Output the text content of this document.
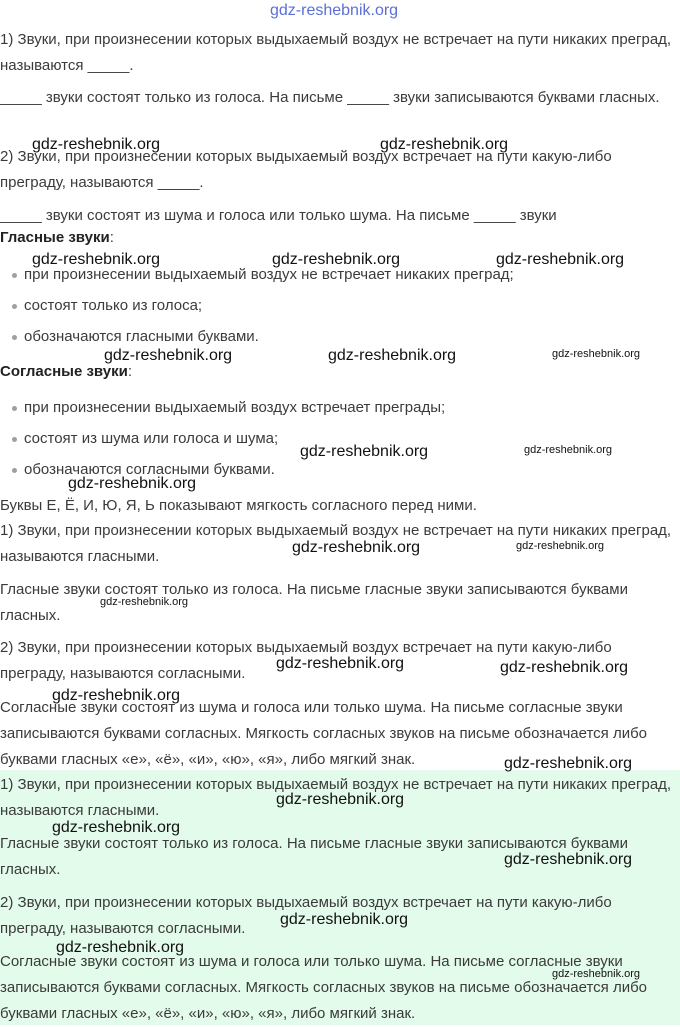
1) Звуки, при произнесении которых выдыхаемый воздух не встречает на пути никаких преград, называются _____.

_____ звуки состоят только из голоса. На письме _____ звуки записываются буквами гласных.

2) Звуки, при произнесении которых выдыхаемый воздух встречает на пути какую-либо преграду, называются _____.

_____ звуки состоят из шума и голоса или только шума. На письме _____ звуки

Гласные звуки:

при произнесении выдыхаемый воздух не встречает никаких преград;
состоят только из голоса;
обозначаются гласными буквами.

Согласные звуки:

при произнесении выдыхаемый воздух встречает преграды;
состоят из шума или голоса и шума;
обозначаются согласными буквами.

Буквы Е, Ё, И, Ю, Я, Ь показывают мягкость согласного перед ними.

1) Звуки, при произнесении которых выдыхаемый воздух не встречает на пути никаких преград, называются гласными.

Гласные звуки состоят только из голоса. На письме гласные звуки записываются буквами гласных.

2) Звуки, при произнесении которых выдыхаемый воздух встречает на пути какую-либо преграду, называются согласными.

Согласные звуки состоят из шума и голоса или только шума. На письме согласные звуки записываются буквами согласных. Мягкость согласных звуков на письме обозначается либо буквами гласных «е», «ё», «и», «ю», «я», либо мягкий знак.

1) Звуки, при произнесении которых выдыхаемый воздух не встречает на пути никаких преград, называются гласными.

Гласные звуки состоят только из голоса. На письме гласные звуки записываются буквами гласных.

2) Звуки, при произнесении которых выдыхаемый воздух встречает на пути какую-либо преграду, называются согласными.

Согласные звуки состоят из шума и голоса или только шума. На письме согласные звуки записываются буквами согласных. Мягкость согласных звуков на письме обозначается либо буквами гласных «е», «ё», «и», «ю», «я», либо мягкий знак.

gdz-reshebnik.org
gdz-reshebnik.org	gdz-reshebnik.org
gdz-reshebnik.org	gdz-reshebnik.org	gdz-reshebnik.org
gdz-reshebnik.org	gdz-reshebnik.org	gdz-reshebnik.org
gdz-reshebnik.org	gdz-reshebnik.org
gdz-reshebnik.org
gdz-reshebnik.org	gdz-reshebnik.org
gdz-reshebnik.org
gdz-reshebnik.org	gdz-reshebnik.org
gdz-reshebnik.org
gdz-reshebnik.org
gdz-reshebnik.org
gdz-reshebnik.org
gdz-reshebnik.org
gdz-reshebnik.org
gdz-reshebnik.org
gdz-reshebnik.org
